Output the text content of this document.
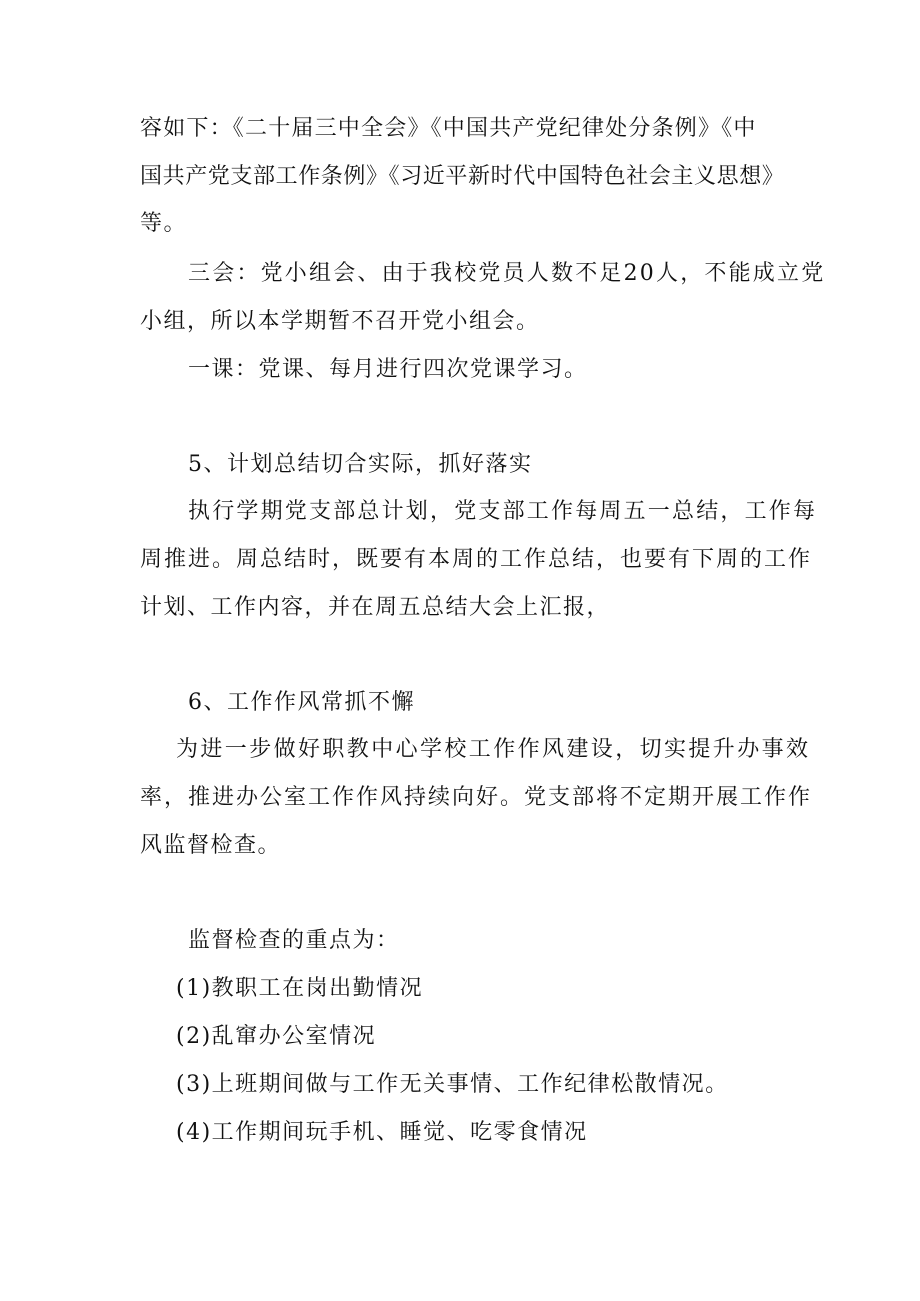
容如下：《二十届三中全会》《中国共产党纪律处分条例》《中
国共产党支部工作条例》《习近平新时代中国特色社会主义思想》
等。
三会：党小组会、由于我校党员人数不足20人，不能成立党
小组，所以本学期暂不召开党小组会。
一课：党课、每月进行四次党课学习。
5、计划总结切合实际，抓好落实
执行学期党支部总计划，党支部工作每周五一总结，工作每
周推进。周总结时，既要有本周的工作总结，也要有下周的工作
计划、工作内容，并在周五总结大会上汇报，
6、工作作风常抓不懈
为进一步做好职教中心学校工作作风建设，切实提升办事效
率，推进办公室工作作风持续向好。党支部将不定期开展工作作
风监督检查。
监督检查的重点为：
(1)教职工在岗出勤情况
(2)乱窜办公室情况
(3)上班期间做与工作无关事情、工作纪律松散情况。
(4)工作期间玩手机、睡觉、吃零食情况
